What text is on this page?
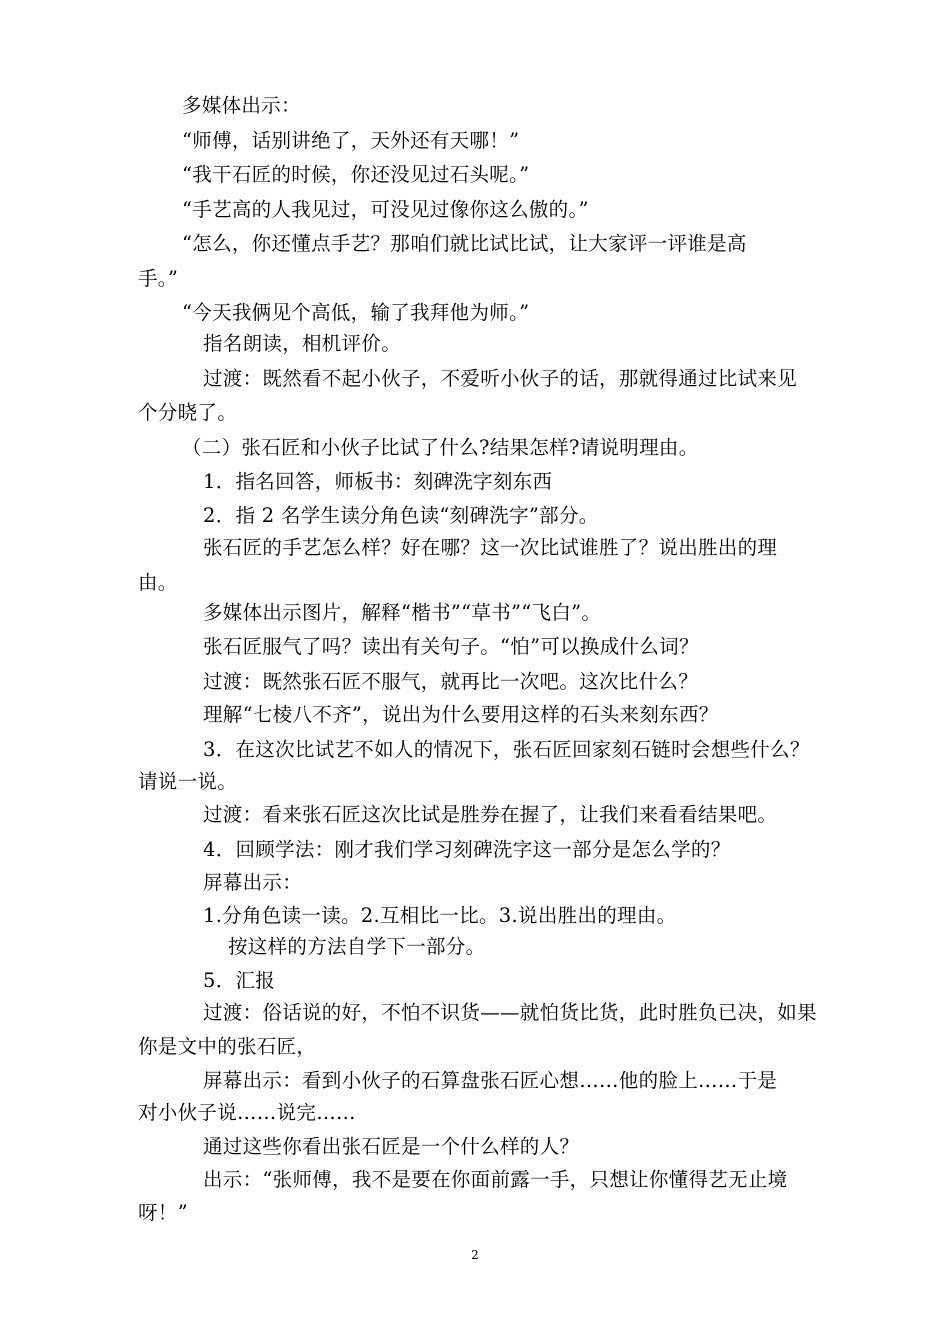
多媒体出示：
“师傅，话别讲绝了，天外还有天哪！”
“我干石匠的时候，你还没见过石头呢。”
“手艺高的人我见过，可没见过像你这么傲的。”
“怎么，你还懂点手艺？那咱们就比试比试，让大家评一评谁是高
手。”
“今天我俩见个高低，输了我拜他为师。”
指名朗读，相机评价。
过渡：既然看不起小伙子，不爱听小伙子的话，那就得通过比试来见
个分晓了。
（二）张石匠和小伙子比试了什么?结果怎样?请说明理由。
1．指名回答，师板书：刻碑洗字刻东西
2．指 2 名学生读分角色读“刻碑洗字”部分。
张石匠的手艺怎么样？好在哪？这一次比试谁胜了？说出胜出的理
由。
多媒体出示图片，解释“楷书”“草书”“飞白”。
张石匠服气了吗？读出有关句子。“怕”可以换成什么词？
过渡：既然张石匠不服气，就再比一次吧。这次比什么？
理解“七棱八不齐”，说出为什么要用这样的石头来刻东西？
3．在这次比试艺不如人的情况下，张石匠回家刻石链时会想些什么？
请说一说。
过渡：看来张石匠这次比试是胜券在握了，让我们来看看结果吧。
4．回顾学法：刚才我们学习刻碑洗字这一部分是怎么学的？
屏幕出示：
1.分角色读一读。2.互相比一比。3.说出胜出的理由。
按这样的方法自学下一部分。
5．汇报
过渡：俗话说的好，不怕不识货——就怕货比货，此时胜负已决，如果
你是文中的张石匠，
屏幕出示：看到小伙子的石算盘张石匠心想……他的脸上……于是
对小伙子说……说完……
通过这些你看出张石匠是一个什么样的人？
出示：“张师傅，我不是要在你面前露一手，只想让你懂得艺无止境
呀！”
2
